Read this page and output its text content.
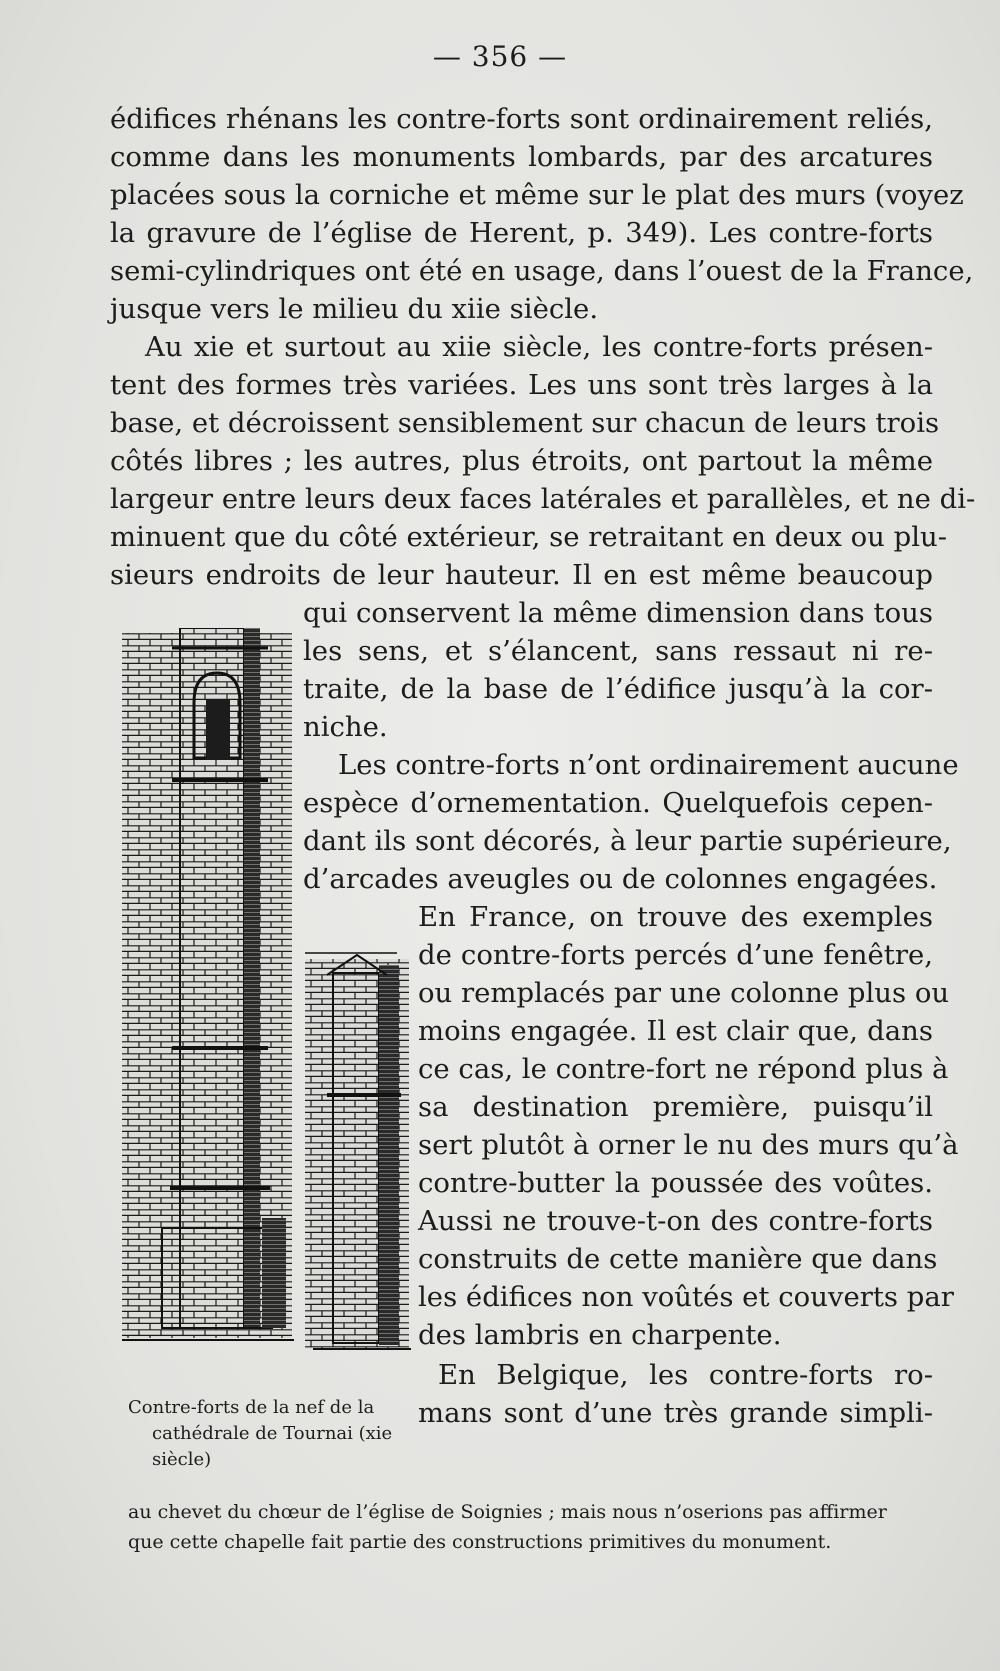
— 356 —
édifices rhénans les contre-forts sont ordinairement reliés,
comme dans les monuments lombards, par des arcatures
placées sous la corniche et même sur le plat des murs (voyez
la gravure de l’église de Herent, p. 349). Les contre-forts
semi-cylindriques ont été en usage, dans l’ouest de la France,
jusque vers le milieu du xiie siècle.
Au xie et surtout au xiie siècle, les contre-forts présen-
tent des formes très variées. Les uns sont très larges à la
base, et décroissent sensiblement sur chacun de leurs trois
côtés libres ; les autres, plus étroits, ont partout la même
largeur entre leurs deux faces latérales et parallèles, et ne di-
minuent que du côté extérieur, se retraitant en deux ou plu-
sieurs endroits de leur hauteur. Il en est même beaucoup
qui conservent la même dimension dans tous
les sens, et s’élancent, sans ressaut ni re-
traite, de la base de l’édifice jusqu’à la cor-
niche.
Les contre-forts n’ont ordinairement aucune
espèce d’ornementation. Quelquefois cepen-
dant ils sont décorés, à leur partie supérieure,
d’arcades aveugles ou de colonnes engagées.
En France, on trouve des exemples
de contre-forts percés d’une fenêtre,
ou remplacés par une colonne plus ou
moins engagée. Il est clair que, dans
ce cas, le contre-fort ne répond plus à
sa destination première, puisqu’il
sert plutôt à orner le nu des murs qu’à
contre-butter la poussée des voûtes.
Aussi ne trouve-t-on des contre-forts
construits de cette manière que dans
les édifices non voûtés et couverts par
des lambris en charpente.
En Belgique, les contre-forts ro-
mans sont d’une très grande simpli-
Contre-forts de la nef de la
cathédrale de Tournai (xie
siècle)
au chevet du chœur de l’église de Soignies ; mais nous n’oserions pas affirmer
que cette chapelle fait partie des constructions primitives du monument.
